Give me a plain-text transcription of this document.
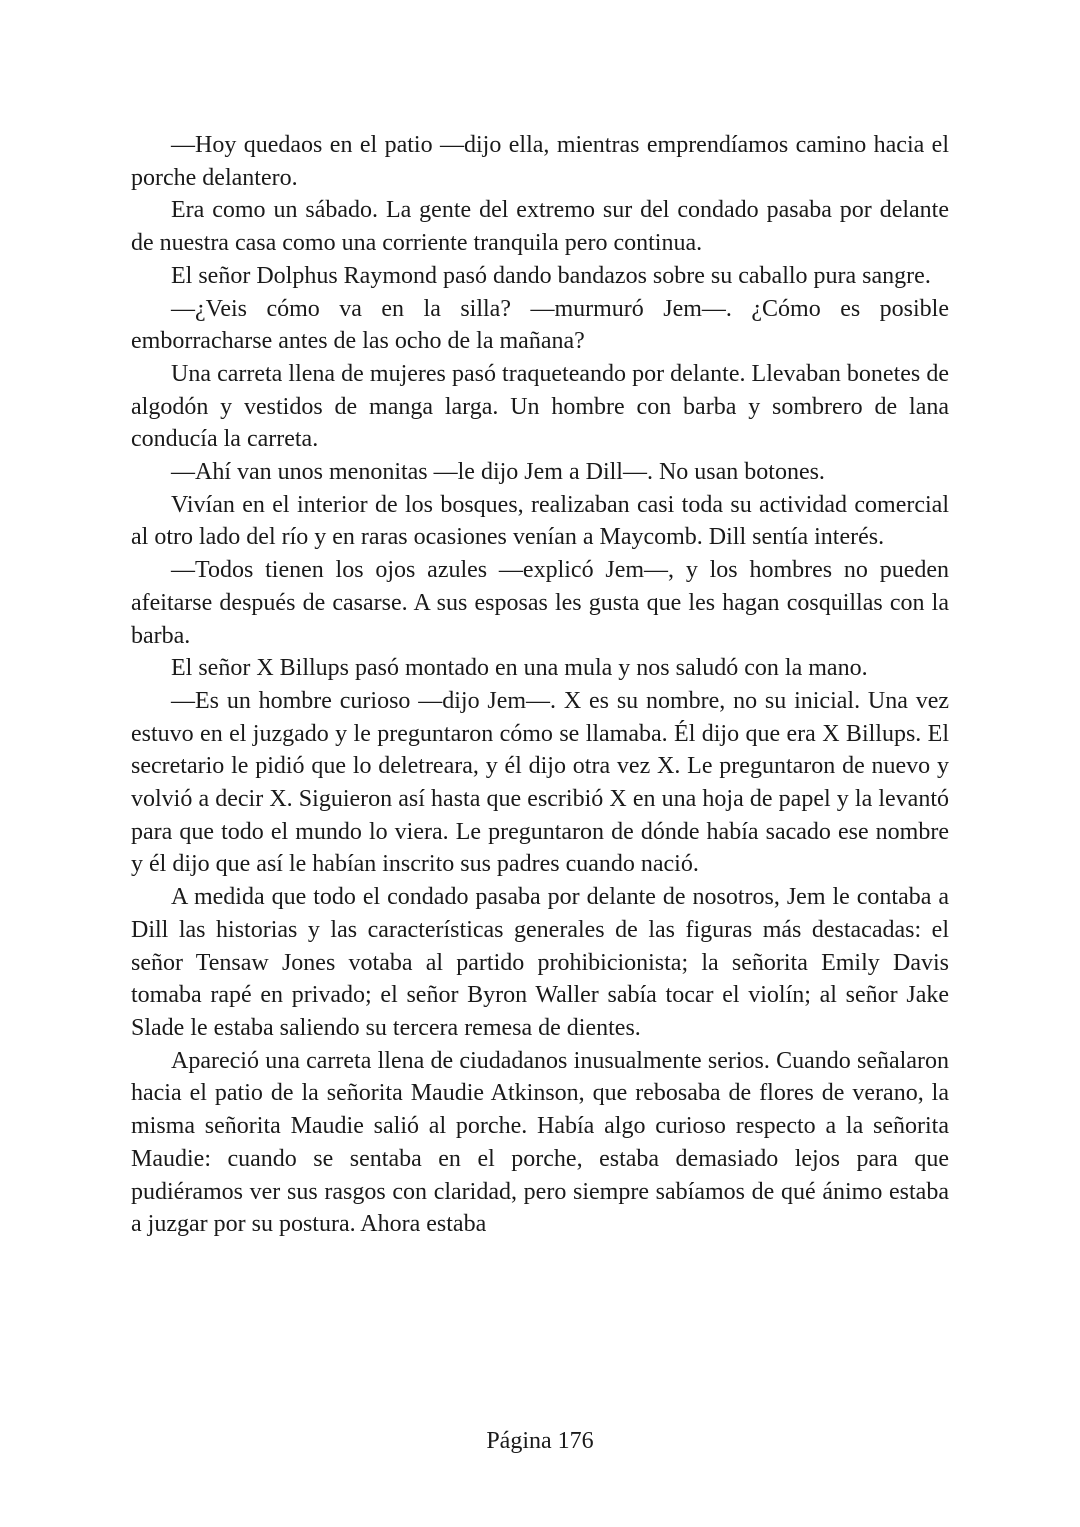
—Hoy quedaos en el patio —dijo ella, mientras emprendíamos camino hacia el porche delantero.

Era como un sábado. La gente del extremo sur del condado pasaba por delante de nuestra casa como una corriente tranquila pero continua.

El señor Dolphus Raymond pasó dando bandazos sobre su caballo pura sangre.

—¿Veis cómo va en la silla? —murmuró Jem—. ¿Cómo es posible emborracharse antes de las ocho de la mañana?

Una carreta llena de mujeres pasó traqueteando por delante. Llevaban bonetes de algodón y vestidos de manga larga. Un hombre con barba y sombrero de lana conducía la carreta.

—Ahí van unos menonitas —le dijo Jem a Dill—. No usan botones.

Vivían en el interior de los bosques, realizaban casi toda su actividad comercial al otro lado del río y en raras ocasiones venían a Maycomb. Dill sentía interés.

—Todos tienen los ojos azules —explicó Jem—, y los hombres no pueden afeitarse después de casarse. A sus esposas les gusta que les hagan cosquillas con la barba.

El señor X Billups pasó montado en una mula y nos saludó con la mano.

—Es un hombre curioso —dijo Jem—. X es su nombre, no su inicial. Una vez estuvo en el juzgado y le preguntaron cómo se llamaba. Él dijo que era X Billups. El secretario le pidió que lo deletreara, y él dijo otra vez X. Le preguntaron de nuevo y volvió a decir X. Siguieron así hasta que escribió X en una hoja de papel y la levantó para que todo el mundo lo viera. Le preguntaron de dónde había sacado ese nombre y él dijo que así le habían inscrito sus padres cuando nació.

A medida que todo el condado pasaba por delante de nosotros, Jem le contaba a Dill las historias y las características generales de las figuras más destacadas: el señor Tensaw Jones votaba al partido prohibicionista; la señorita Emily Davis tomaba rapé en privado; el señor Byron Waller sabía tocar el violín; al señor Jake Slade le estaba saliendo su tercera remesa de dientes.

Apareció una carreta llena de ciudadanos inusualmente serios. Cuando señalaron hacia el patio de la señorita Maudie Atkinson, que rebosaba de flores de verano, la misma señorita Maudie salió al porche. Había algo curioso respecto a la señorita Maudie: cuando se sentaba en el porche, estaba demasiado lejos para que pudiéramos ver sus rasgos con claridad, pero siempre sabíamos de qué ánimo estaba a juzgar por su postura. Ahora estaba

Página 176
